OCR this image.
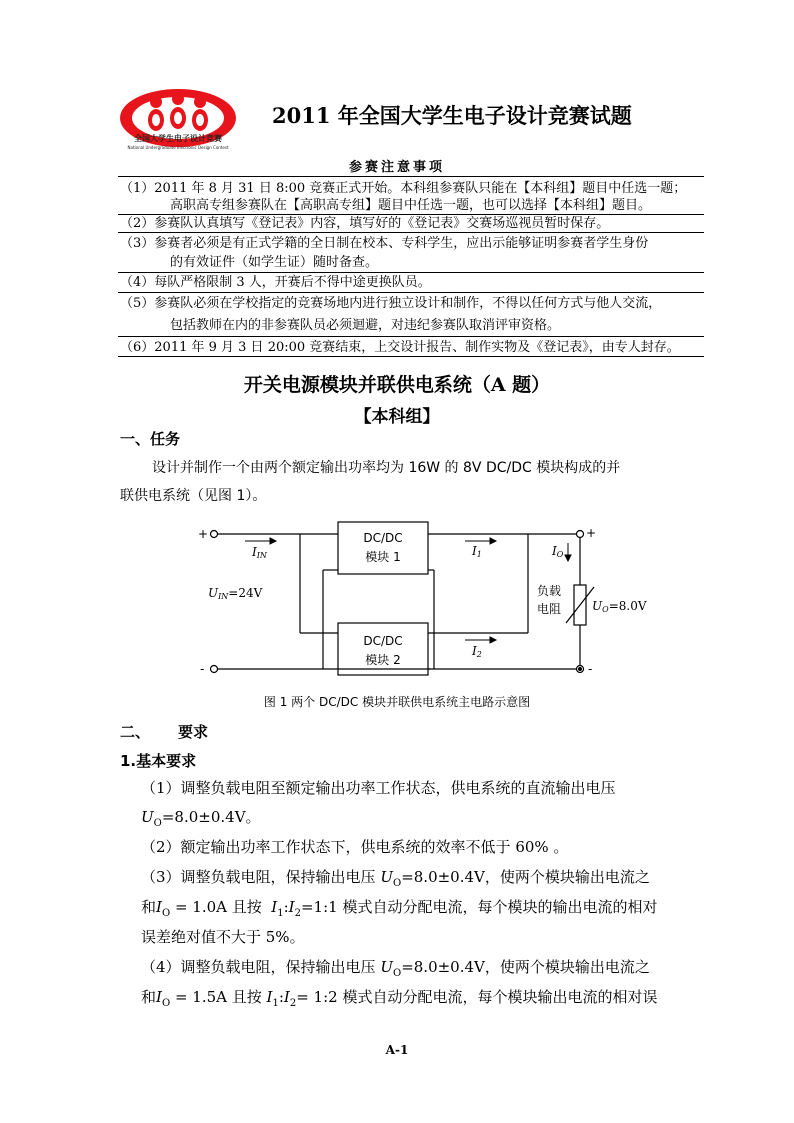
全国大学生电子设计竞赛
National Undergraduate Electronic Design Contest
2011 年全国大学生电子设计竞赛试题
参赛注意事项
（1）2011 年 8 月 31 日 8:00 竞赛正式开始。本科组参赛队只能在【本科组】题目中任选一题；
高职高专组参赛队在【高职高专组】题目中任选一题，也可以选择【本科组】题目。
（2）参赛队认真填写《登记表》内容，填写好的《登记表》交赛场巡视员暂时保存。
（3）参赛者必须是有正式学籍的全日制在校本、专科学生，应出示能够证明参赛者学生身份
的有效证件（如学生证）随时备查。
（4）每队严格限制 3 人，开赛后不得中途更换队员。
（5）参赛队必须在学校指定的竞赛场地内进行独立设计和制作，不得以任何方式与他人交流，
包括教师在内的非参赛队员必须迴避，对违纪参赛队取消评审资格。
（6）2011 年 9 月 3 日 20:00 竞赛结束，上交设计报告、制作实物及《登记表》，由专人封存。
开关电源模块并联供电系统（A 题）
【本科组】
一、任务
设计并制作一个由两个额定输出功率均为 16W 的 8V DC/DC 模块构成的并
联供电系统（见图 1）。
+
-
+
-
DC/DC
模块 1
DC/DC
模块 2
IIN	I1
I2
IO
UIN=24V	负载
电阻	UO=8.0V
图 1 两个 DC/DC 模块并联供电系统主电路示意图
二、 要求
1.基本要求
（1）调整负载电阻至额定输出功率工作状态，供电系统的直流输出电压
$U_O=8.0\pm 0.4V$。
（2）额定输出功率工作状态下，供电系统的效率不低于 60% 。
（3）调整负载电阻，保持输出电压 $U_O=8.0\pm 0.4V$，使两个模块输出电流之
和$I_O = 1.0A$ 且按 $I_1:I_2=1:1$ 模式自动分配电流，每个模块的输出电流的相对
误差绝对值不大于 5%。
（4）调整负载电阻，保持输出电压 $U_O=8.0\pm 0.4V$，使两个模块输出电流之
和$I_O = 1.5A$ 且按 $I_1:I_2=$ 1:2 模式自动分配电流，每个模块输出电流的相对误
A-1
